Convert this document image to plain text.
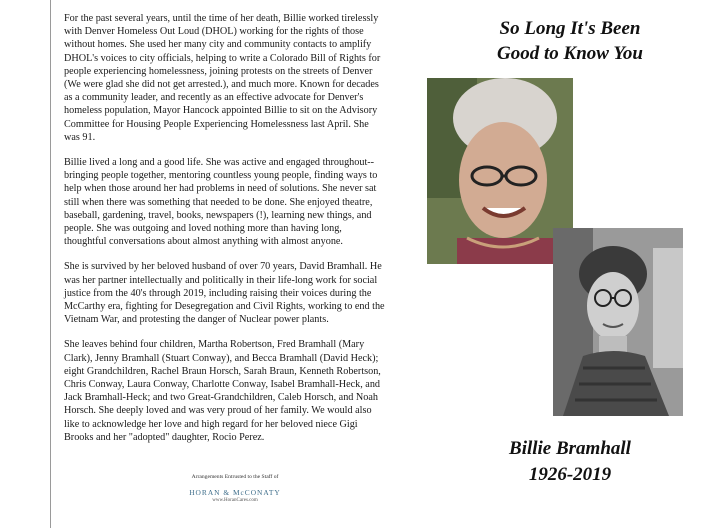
For the past several years, until the time of her death, Billie worked tirelessly with Denver Homeless Out Loud (DHOL) working for the rights of those without homes. She used her many city and community contacts to amplify DHOL's voices to city officials, helping to write a Colorado Bill of Rights for people experiencing homelessness, joining protests on the streets of Denver (We were glad she did not get arrested.), and much more. Known for decades as a community leader, and recently as an effective advocate for Denver's homeless population, Mayor Hancock appointed Billie to sit on the Advisory Committee for Housing People Experiencing Homelessness last April. She was 91.

Billie lived a long and a good life. She was active and engaged throughout-- bringing people together, mentoring countless young people, finding ways to help when those around her had problems in need of solutions. She never sat still when there was something that needed to be done. She enjoyed theatre, baseball, gardening, travel, books, newspapers (!), learning new things, and people. She was outgoing and loved nothing more than having long, thoughtful conversations about almost anything with almost anyone.

She is survived by her beloved husband of over 70 years, David Bramhall. He was her partner intellectually and politically in their life-long work for social justice from the 40's through 2019, including raising their voices during the McCarthy era, fighting for Desegregation and Civil Rights, working to end the Vietnam War, and protesting the danger of Nuclear power plants.

She leaves behind four children, Martha Robertson, Fred Bramhall (Mary Clark), Jenny Bramhall (Stuart Conway), and Becca Bramhall (David Heck); eight Grandchildren, Rachel Braun Horsch, Sarah Braun, Kenneth Robertson, Chris Conway, Laura Conway, Charlotte Conway, Isabel Bramhall-Heck, and Jack Bramhall-Heck; and two Great-Grandchildren, Caleb Horsch, and Noah Horsch. She deeply loved and was very proud of her family. We would also like to acknowledge her love and high regard for her beloved niece Gigi Brooks and her "adopted" daughter, Rocio Perez.

Arrangements Entrusted to the Staff of
HORAN & McCONATY
www.HoranCares.com
So Long It's Been
Good to Know You
Billie Bramhall
1926-2019
